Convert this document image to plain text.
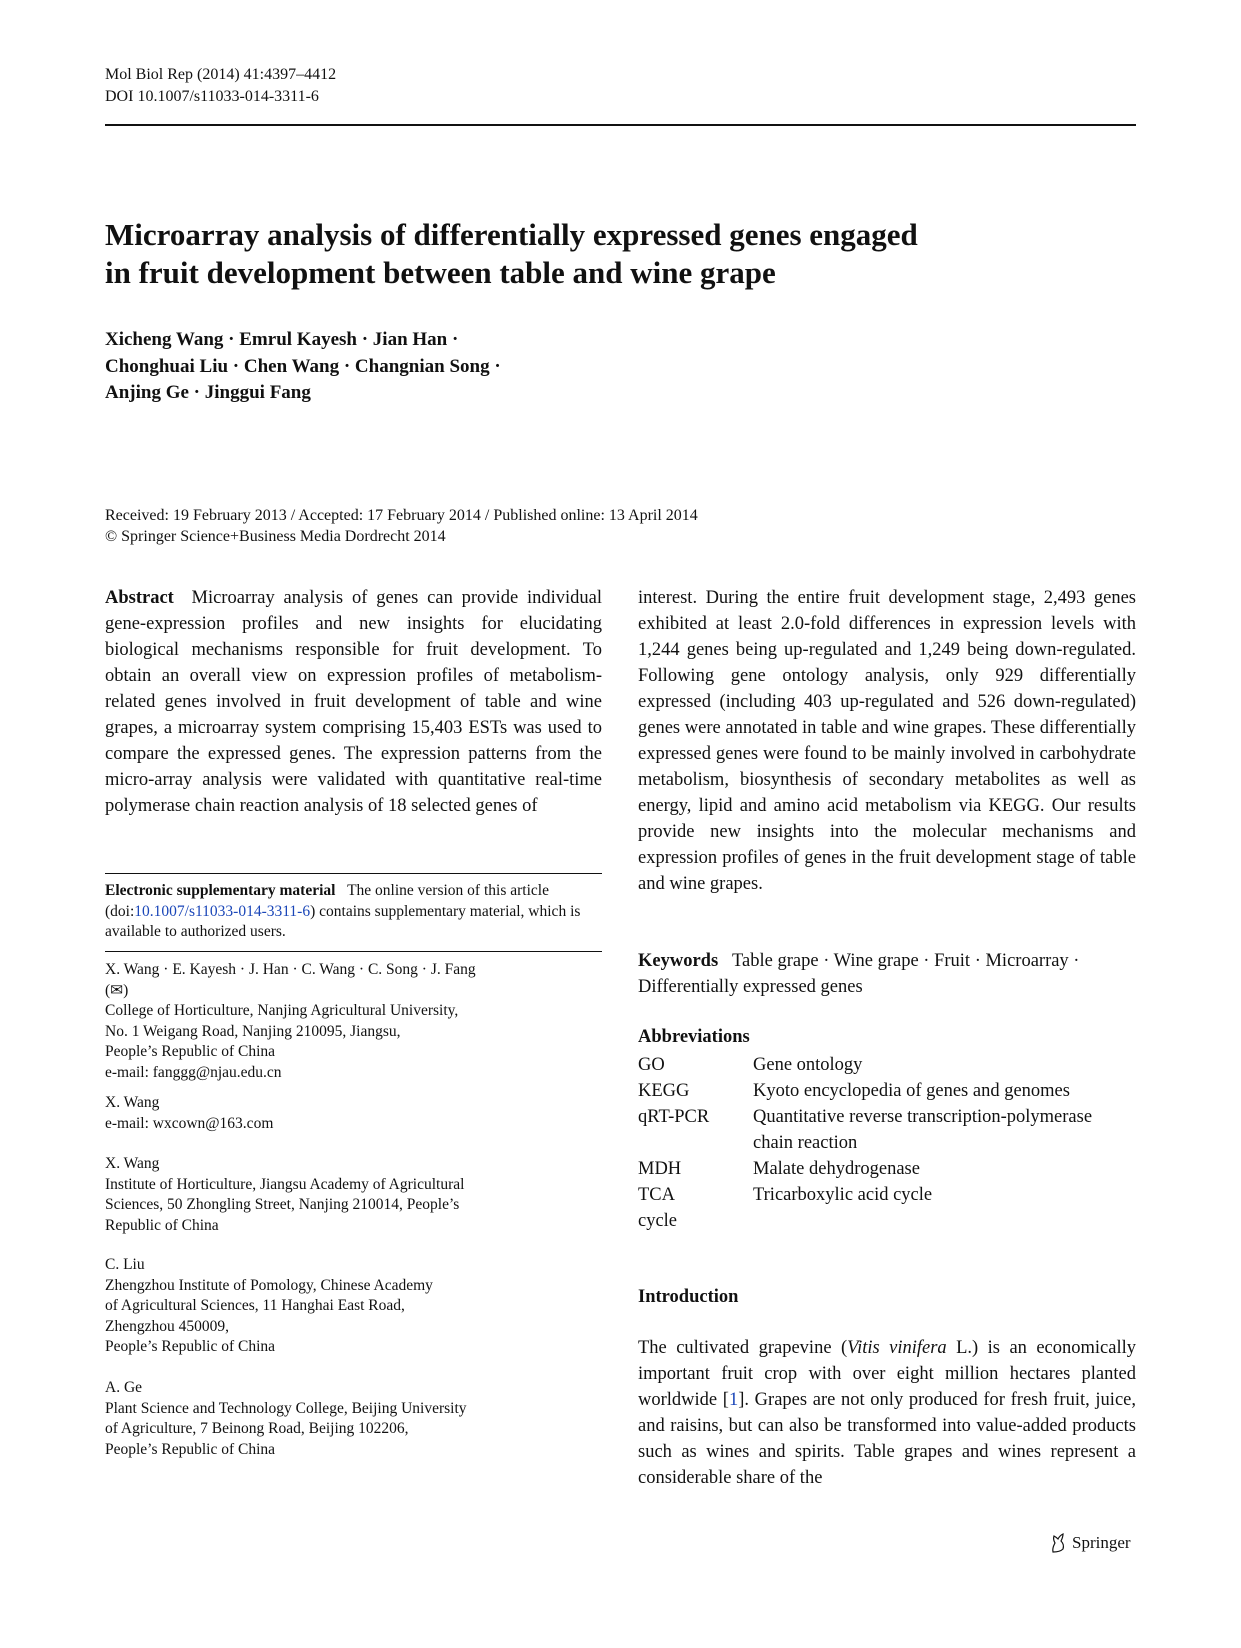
Mol Biol Rep (2014) 41:4397–4412
DOI 10.1007/s11033-014-3311-6
Microarray analysis of differentially expressed genes engaged
in fruit development between table and wine grape
Xicheng Wang · Emrul Kayesh · Jian Han ·
Chonghuai Liu · Chen Wang · Changnian Song ·
Anjing Ge · Jinggui Fang
Received: 19 February 2013 / Accepted: 17 February 2014 / Published online: 13 April 2014
© Springer Science+Business Media Dordrecht 2014

Abstract Microarray analysis of genes can provide individual gene-expression profiles and new insights for elucidating biological mechanisms responsible for fruit development. To obtain an overall view on expression profiles of metabolism-related genes involved in fruit development of table and wine grapes, a microarray system comprising 15,403 ESTs was used to compare the expressed genes. The expression patterns from the micro-array analysis were validated with quantitative real-time polymerase chain reaction analysis of 18 selected genes of

Electronic supplementary material The online version of this article (doi:10.1007/s11033-014-3311-6) contains supplementary material, which is available to authorized users.

X. Wang · E. Kayesh · J. Han · C. Wang · C. Song · J. Fang

(✉)

College of Horticulture, Nanjing Agricultural University,

No. 1 Weigang Road, Nanjing 210095, Jiangsu,

People’s Republic of China

e-mail: fanggg@njau.edu.cn

X. Wang

e-mail: wxcown@163.com

X. Wang

Institute of Horticulture, Jiangsu Academy of Agricultural

Sciences, 50 Zhongling Street, Nanjing 210014, People’s

Republic of China

C. Liu

Zhengzhou Institute of Pomology, Chinese Academy

of Agricultural Sciences, 11 Hanghai East Road,

Zhengzhou 450009,

People’s Republic of China

A. Ge

Plant Science and Technology College, Beijing University

of Agriculture, 7 Beinong Road, Beijing 102206,

People’s Republic of China

interest. During the entire fruit development stage, 2,493 genes exhibited at least 2.0-fold differences in expression levels with 1,244 genes being up-regulated and 1,249 being down-regulated. Following gene ontology analysis, only 929 differentially expressed (including 403 up-regulated and 526 down-regulated) genes were annotated in table and wine grapes. These differentially expressed genes were found to be mainly involved in carbohydrate metabolism, biosynthesis of secondary metabolites as well as energy, lipid and amino acid metabolism via KEGG. Our results provide new insights into the molecular mechanisms and expression profiles of genes in the fruit development stage of table and wine grapes.

Keywords Table grape · Wine grape · Fruit · Microarray · Differentially expressed genes
Abbreviations
GO	Gene ontology
KEGG	Kyoto encyclopedia of genes and genomes
qRT-PCR	Quantitative reverse transcription-polymerase chain reaction
MDH	Malate dehydrogenase
TCA	Tricarboxylic acid cycle
cycle
Introduction

The cultivated grapevine (Vitis vinifera L.) is an economically important fruit crop with over eight million hectares planted worldwide [1]. Grapes are not only produced for fresh fruit, juice, and raisins, but can also be transformed into value-added products such as wines and spirits. Table grapes and wines represent a considerable share of the

Springer
